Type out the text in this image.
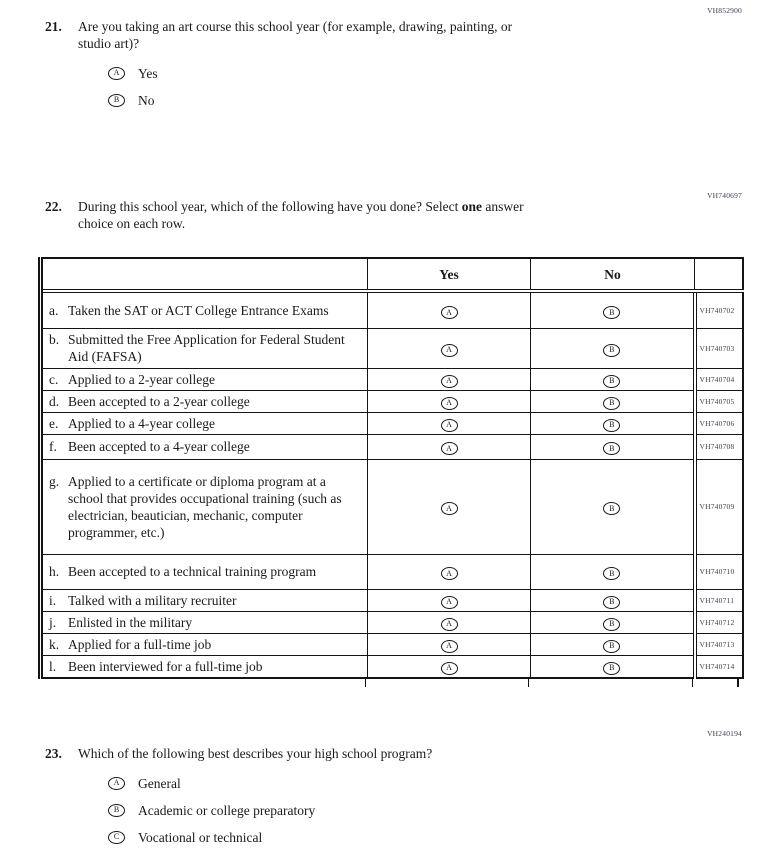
VH852900
VH740697
VH240194
21.	Are you taking an art course this school year (for example, drawing, painting, or
studio art)?
A	Yes
B	No
22.	During this school year, which of the following have you done? Select one answer
choice on each row.
	Yes	No	

a. Taken the SAT or ACT College Entrance Exams	A	B	VH740702

b. Submitted the Free Application for Federal Student Aid (FAFSA)	A	B	VH740703

c. Applied to a 2-year college	A	B	VH740704

d. Been accepted to a 2-year college	A	B	VH740705

e. Applied to a 4-year college	A	B	VH740706

f. Been accepted to a 4-year college	A	B	VH740708

g. Applied to a certificate or diploma program at a school that provides occupational training (such as electrician, beautician, mechanic, computer programmer, etc.)	A	B	VH740709

h. Been accepted to a technical training program	A	B	VH740710

i. Talked with a military recruiter	A	B	VH740711

j. Enlisted in the military	A	B	VH740712

k. Applied for a full-time job	A	B	VH740713

l. Been interviewed for a full-time job	A	B	VH740714
23.	Which of the following best describes your high school program?
A	General
B	Academic or college preparatory
C	Vocational or technical
